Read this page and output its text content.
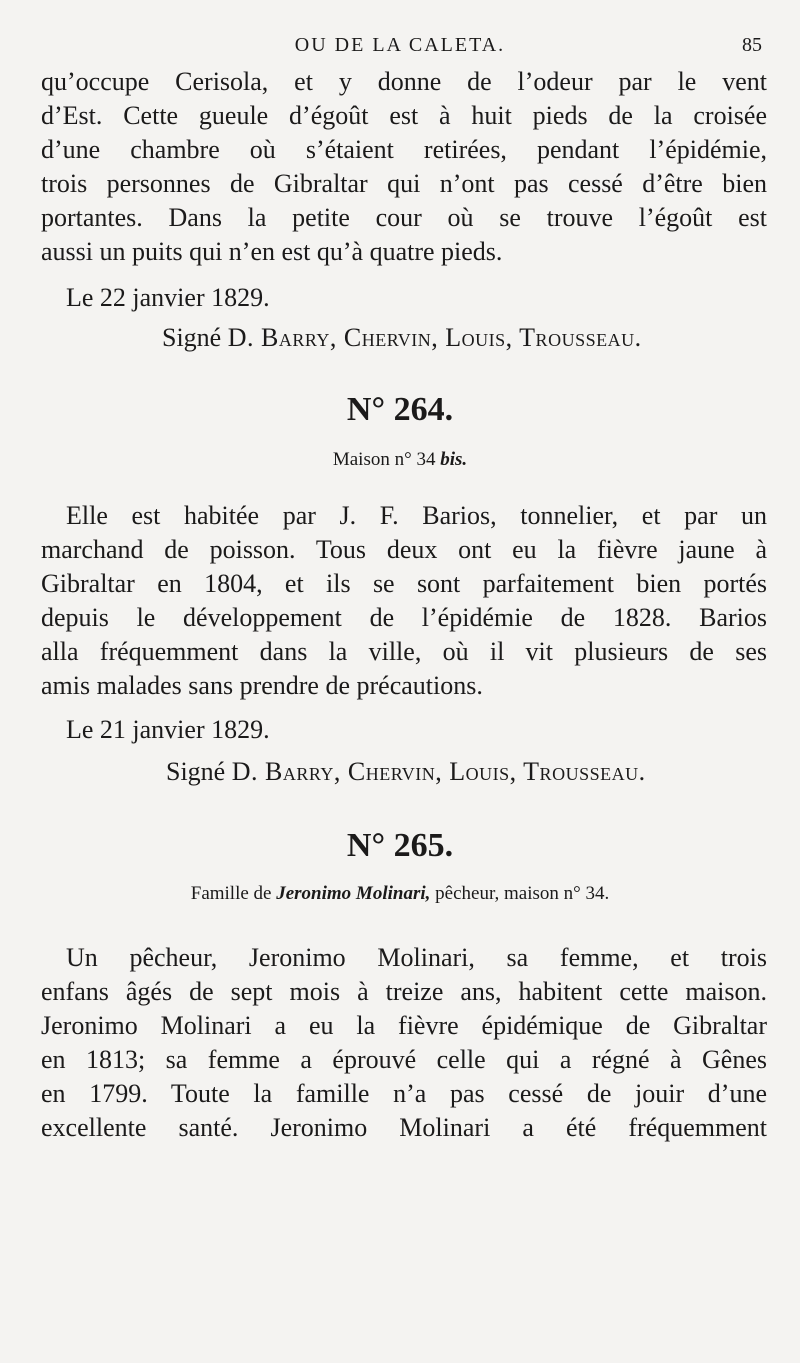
OU DE LA CALETA.	85
qu’occupe Cerisola, et y donne de l’odeur par le vent
d’Est. Cette gueule d’égoût est à huit pieds de la croisée
d’une chambre où s’étaient retirées, pendant l’épidémie,
trois personnes de Gibraltar qui n’ont pas cessé d’être bien
portantes. Dans la petite cour où se trouve l’égoût est
aussi un puits qui n’en est qu’à quatre pieds.
Le 22 janvier 1829.
Signé D. Barry, Chervin, Louis, Trousseau.
N° 264.
Maison n° 34 bis.
Elle est habitée par J. F. Barios, tonnelier, et par un
marchand de poisson. Tous deux ont eu la fièvre jaune à
Gibraltar en 1804, et ils se sont parfaitement bien portés
depuis le développement de l’épidémie de 1828. Barios
alla fréquemment dans la ville, où il vit plusieurs de ses
amis malades sans prendre de précautions.
Le 21 janvier 1829.
Signé D. Barry, Chervin, Louis, Trousseau.
N° 265.
Famille de Jeronimo Molinari, pêcheur, maison n° 34.
Un pêcheur, Jeronimo Molinari, sa femme, et trois
enfans âgés de sept mois à treize ans, habitent cette maison.
Jeronimo Molinari a eu la fièvre épidémique de Gibraltar
en 1813; sa femme a éprouvé celle qui a régné à Gênes
en 1799. Toute la famille n’a pas cessé de jouir d’une
excellente santé. Jeronimo Molinari a été fréquemment
